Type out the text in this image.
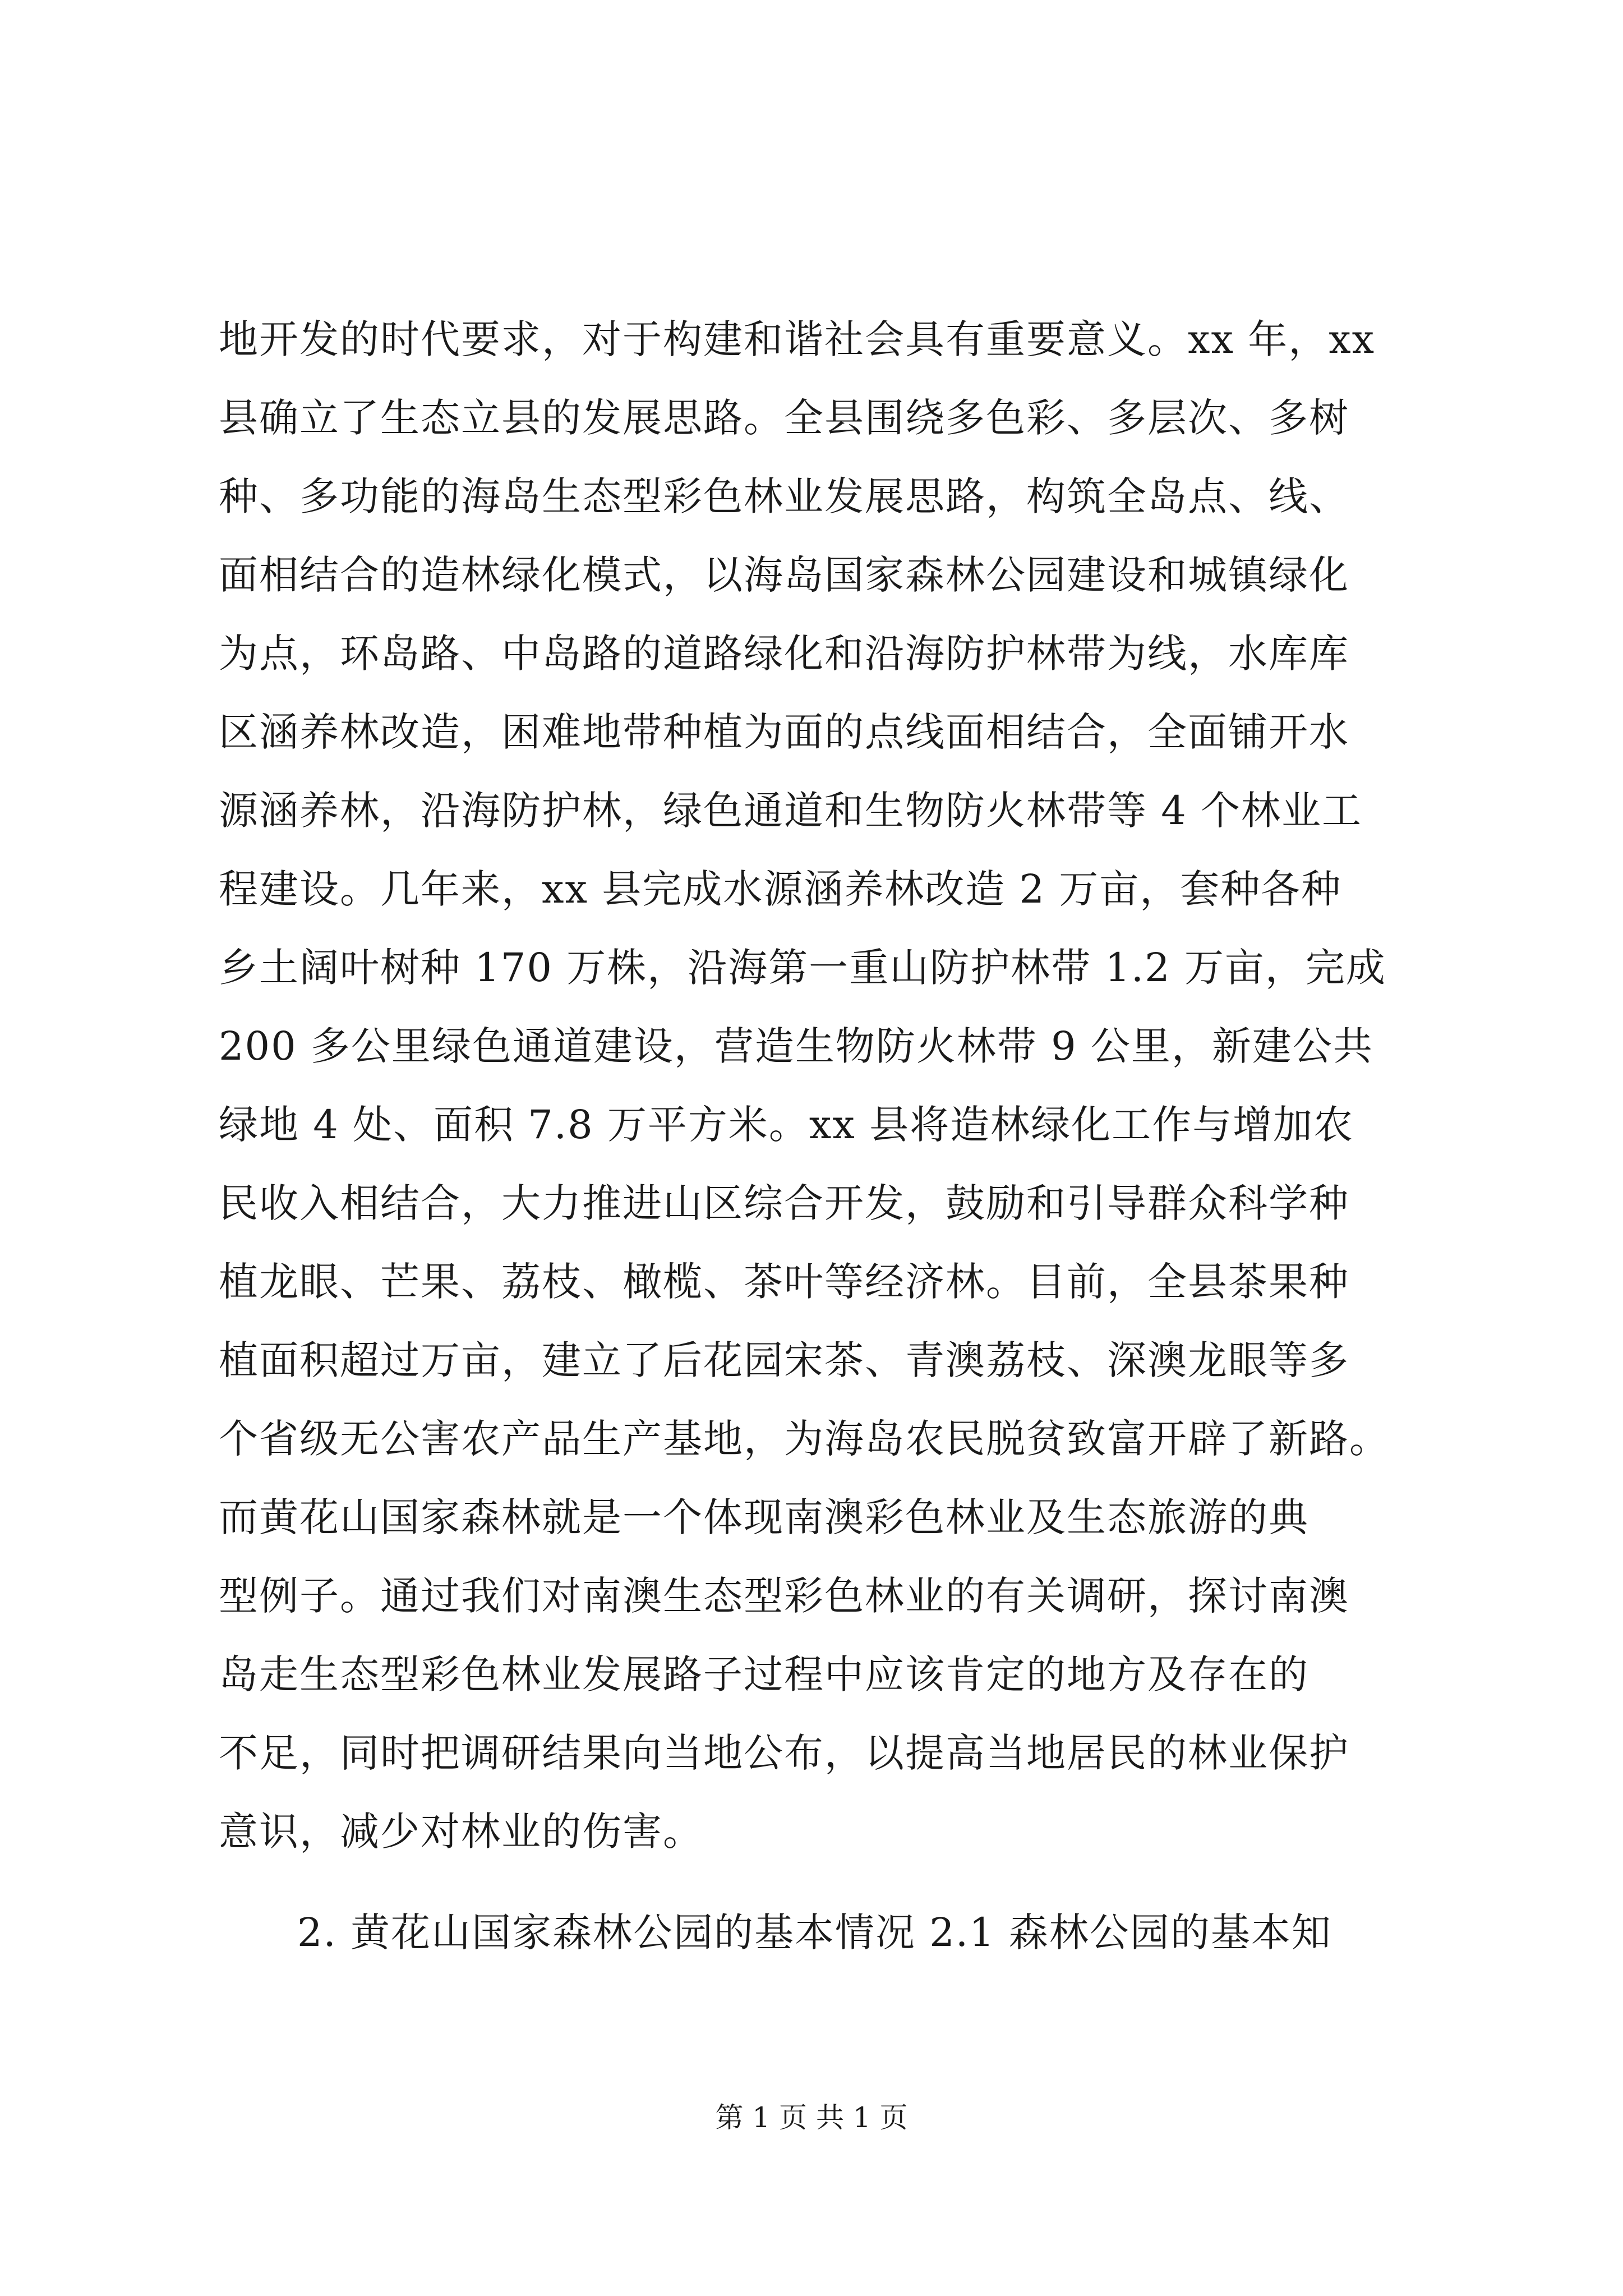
地开发的时代要求，对于构建和谐社会具有重要意义。xx 年，xx

县确立了生态立县的发展思路。全县围绕多色彩、多层次、多树

种、多功能的海岛生态型彩色林业发展思路，构筑全岛点、线、

面相结合的造林绿化模式，以海岛国家森林公园建设和城镇绿化

为点，环岛路、中岛路的道路绿化和沿海防护林带为线，水库库

区涵养林改造，困难地带种植为面的点线面相结合，全面铺开水

源涵养林，沿海防护林，绿色通道和生物防火林带等 4 个林业工

程建设。几年来，xx 县完成水源涵养林改造 2 万亩，套种各种

乡土阔叶树种 170 万株，沿海第一重山防护林带 1.2 万亩，完成

200 多公里绿色通道建设，营造生物防火林带 9 公里，新建公共

绿地 4 处、面积 7.8 万平方米。xx 县将造林绿化工作与增加农

民收入相结合，大力推进山区综合开发，鼓励和引导群众科学种

植龙眼、芒果、荔枝、橄榄、茶叶等经济林。目前，全县茶果种

植面积超过万亩，建立了后花园宋茶、青澳荔枝、深澳龙眼等多

个省级无公害农产品生产基地，为海岛农民脱贫致富开辟了新路。

而黄花山国家森林就是一个体现南澳彩色林业及生态旅游的典

型例子。通过我们对南澳生态型彩色林业的有关调研，探讨南澳

岛走生态型彩色林业发展路子过程中应该肯定的地方及存在的

不足，同时把调研结果向当地公布，以提高当地居民的林业保护

意识，减少对林业的伤害。

2. 黄花山国家森林公园的基本情况 2.1 森林公园的基本知

第 1 页 共 1 页
